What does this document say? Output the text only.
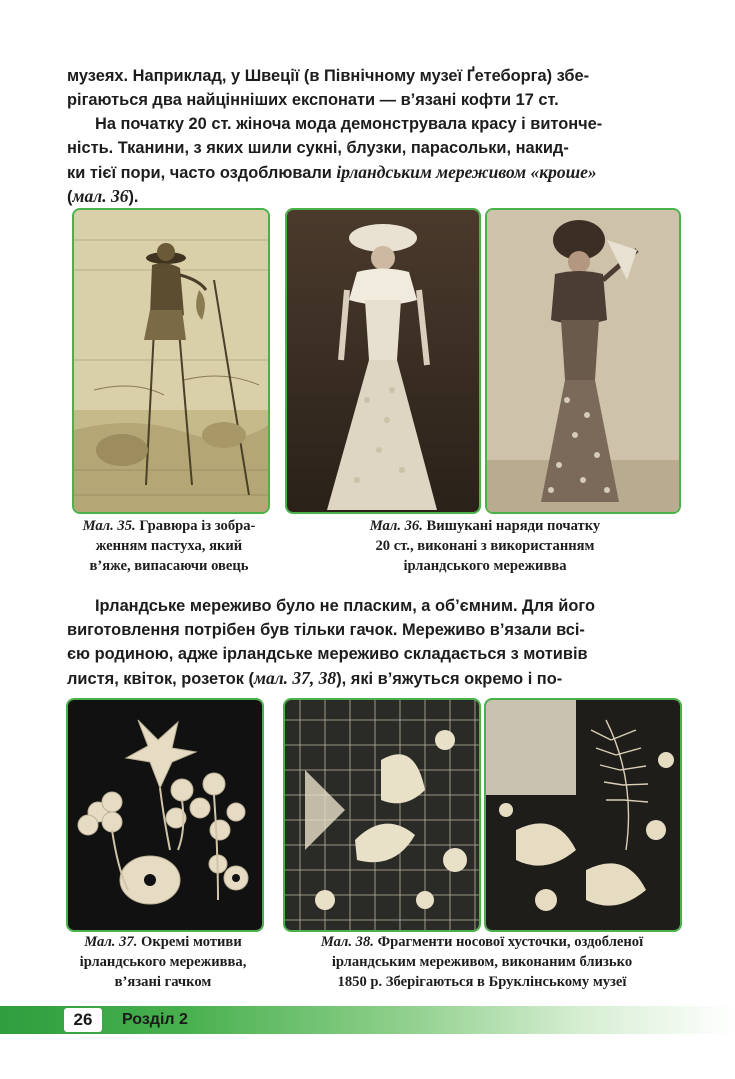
музеях. Наприклад, у Швеції (в Північному музеї Ґетеборга) збе-
рігаються два найцінніших експонати — в’язані кофти 17 ст.
На початку 20 ст. жіноча мода демонструвала красу і витонче-
ність. Тканини, з яких шили сукні, блузки, парасольки, накид-
ки тієї пори, часто оздоблювали ірландським мереживом «кроше»
(мал. 36).
Мал. 35. Гравюра із зобра-
женням пастуха, який
в’яже, випасаючи овець
Мал. 36. Вишукані наряди початку
20 ст., виконані з використанням
ірландського мереживва
Ірландське мереживо було не пласким, а об’ємним. Для його
виготовлення потрібен був тільки гачок. Мереживо в’язали всі-
єю родиною, адже ірландське мереживо складається з мотивів
листя, квіток, розеток (мал. 37, 38), які в’яжуться окремо і по-
Мал. 37. Окремі мотиви
ірландського мереживва,
в’язані гачком
Мал. 38. Фрагменти носової хусточки, оздобленої
ірландським мереживом, виконаним близько
1850 р. Зберігаються в Бруклінському музеї
26	Розділ 2
